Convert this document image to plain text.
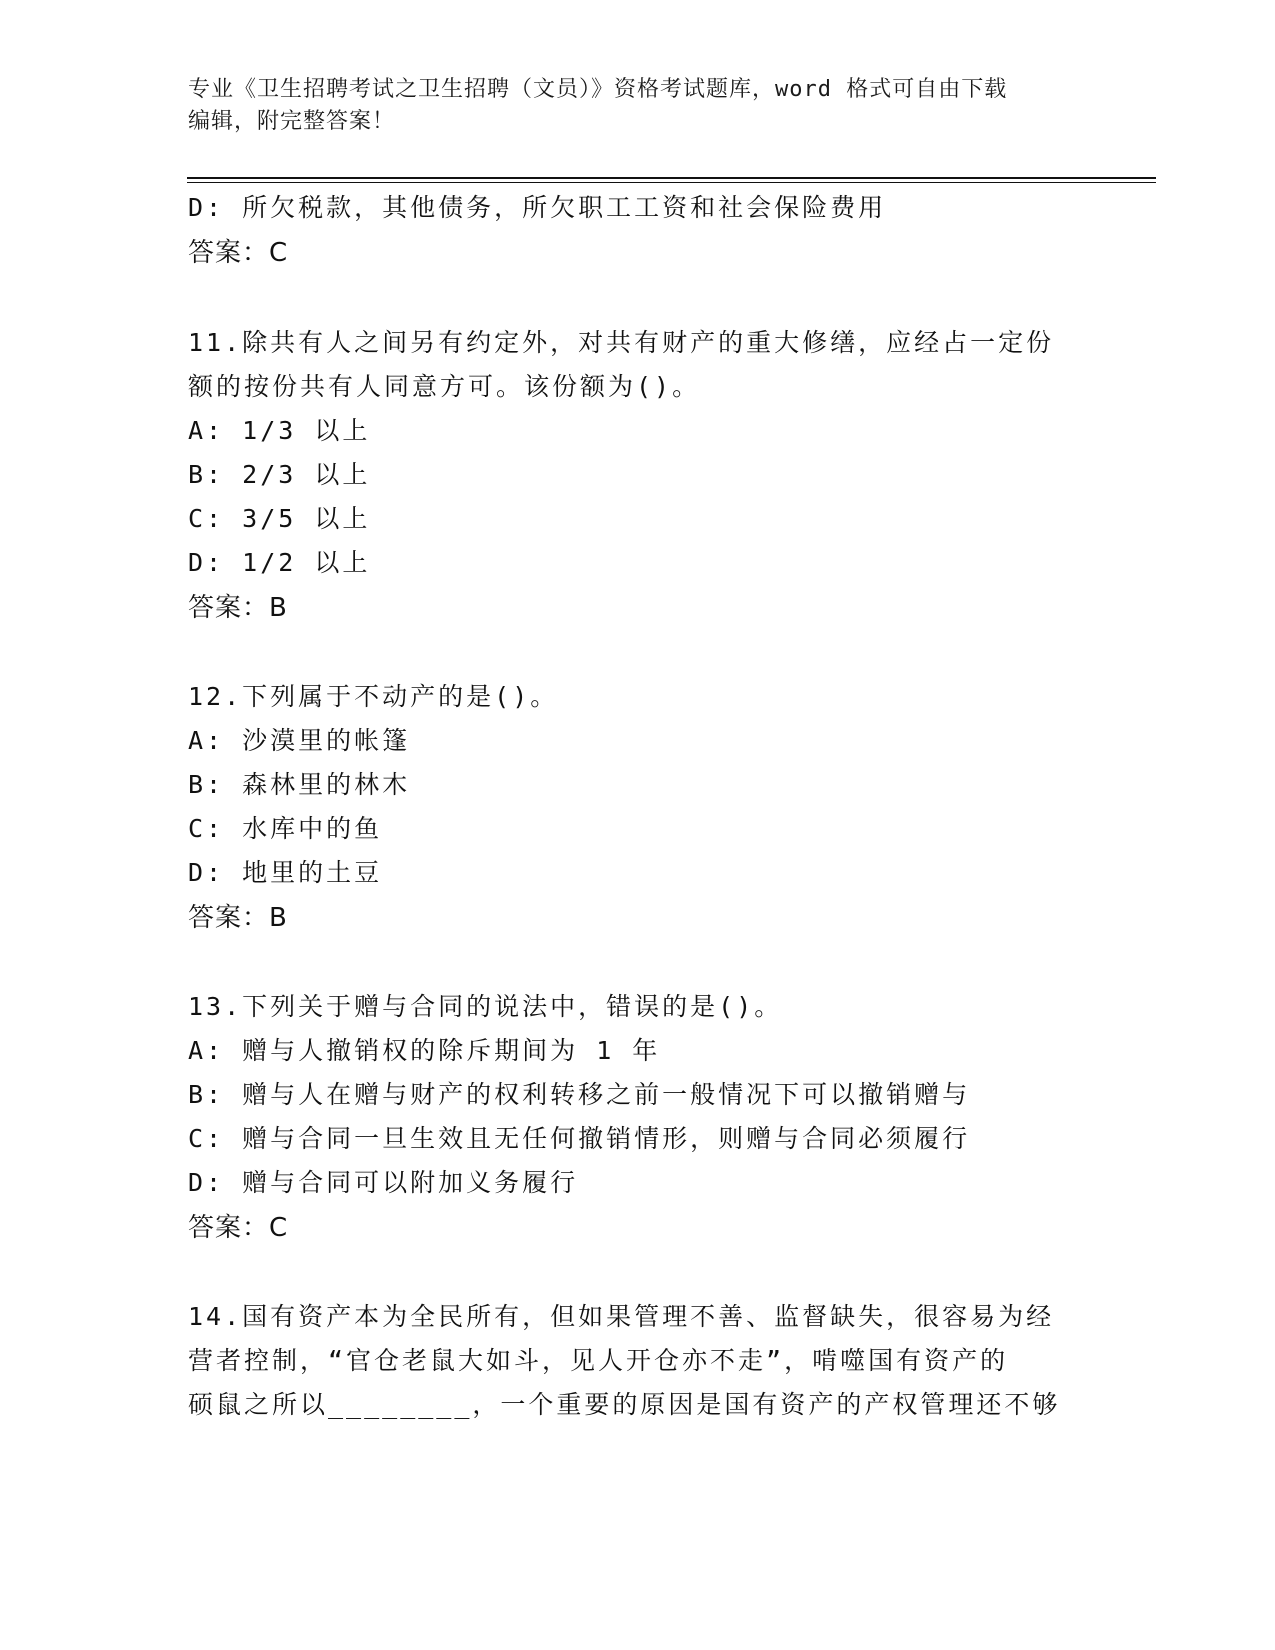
专业《卫生招聘考试之卫生招聘（文员）》资格考试题库，word 格式可自由下载
编辑，附完整答案！
D: 所欠税款，其他债务，所欠职工工资和社会保险费用
答案：C
11.除共有人之间另有约定外，对共有财产的重大修缮，应经占一定份
额的按份共有人同意方可。该份额为()。
A: 1/3 以上
B: 2/3 以上
C: 3/5 以上
D: 1/2 以上
答案：B
12.下列属于不动产的是()。
A: 沙漠里的帐篷
B: 森林里的林木
C: 水库中的鱼
D: 地里的土豆
答案：B
13.下列关于赠与合同的说法中，错误的是()。
A: 赠与人撤销权的除斥期间为 1 年
B: 赠与人在赠与财产的权利转移之前一般情况下可以撤销赠与
C: 赠与合同一旦生效且无任何撤销情形，则赠与合同必须履行
D: 赠与合同可以附加义务履行
答案：C
14.国有资产本为全民所有，但如果管理不善、监督缺失，很容易为经
营者控制，“官仓老鼠大如斗，见人开仓亦不走”，啃噬国有资产的
硕鼠之所以________，一个重要的原因是国有资产的产权管理还不够
